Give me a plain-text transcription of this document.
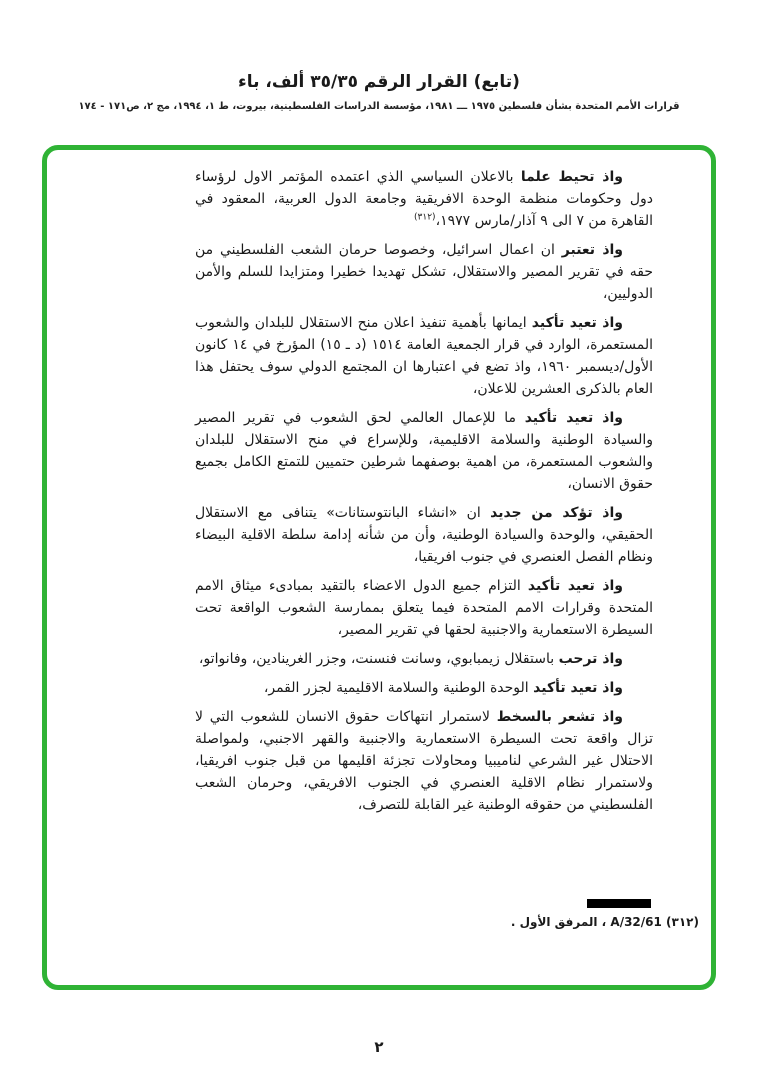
(تابع) القرار الرقم ٣٥/٣٥ ألف، باء
قرارات الأمم المتحدة بشأن فلسطين ١٩٧٥ ـــ ١٩٨١، مؤسسة الدراسات الفلسطينية، بيروت، ط ١، ١٩٩٤، مج ٢، ص١٧١ - ١٧٤
واذ تحيط علما بالاعلان السياسي الذي اعتمده المؤتمر الاول لرؤساء دول وحكومات منظمة الوحدة الافريقية وجامعة الدول العربية، المعقود في القاهرة من ٧ الى ٩ آذار/مارس ١٩٧٧،$^{(٣١٢)}$
واذ تعتبر ان اعمال اسرائيل، وخصوصا حرمان الشعب الفلسطيني من حقه في تقرير المصير والاستقلال، تشكل تهديدا خطيرا ومتزايدا للسلم والأمن الدوليين،
واذ تعيد تأكيد ايمانها بأهمية تنفيذ اعلان منح الاستقلال للبلدان والشعوب المستعمرة، الوارد في قرار الجمعية العامة ١٥١٤ (د ـ ١٥) المؤرخ في ١٤ كانون الأول/ديسمبر ١٩٦٠، واذ تضع في اعتبارها ان المجتمع الدولي سوف يحتفل هذا العام بالذكرى العشرين للاعلان،
واذ تعيد تأكيد ما للإعمال العالمي لحق الشعوب في تقرير المصير والسيادة الوطنية والسلامة الاقليمية، وللإسراع في منح الاستقلال للبلدان والشعوب المستعمرة، من اهمية بوصفهما شرطين حتميين للتمتع الكامل بجميع حقوق الانسان،
واذ تؤكد من جديد ان «انشاء البانتوستانات» يتنافى مع الاستقلال الحقيقي، والوحدة والسيادة الوطنية، وأن من شأنه إدامة سلطة الاقلية البيضاء ونظام الفصل العنصري في جنوب افريقيا،
واذ تعيد تأكيد التزام جميع الدول الاعضاء بالتقيد بمبادىء ميثاق الامم المتحدة وقرارات الامم المتحدة فيما يتعلق بممارسة الشعوب الواقعة تحت السيطرة الاستعمارية والاجنبية لحقها في تقرير المصير،
واذ ترحب باستقلال زيمبابوي، وسانت فنسنت، وجزر الغرينادين، وفانواتو،
واذ تعيد تأكيد الوحدة الوطنية والسلامة الاقليمية لجزر القمر،
واذ تشعر بالسخط لاستمرار انتهاكات حقوق الانسان للشعوب التي لا تزال واقعة تحت السيطرة الاستعمارية والاجنبية والقهر الاجنبي، ولمواصلة الاحتلال غير الشرعي لناميبيا ومحاولات تجزئة اقليمها من قبل جنوب افريقيا، ولاستمرار نظام الاقلية العنصري في الجنوب الافريقي، وحرمان الشعب الفلسطيني من حقوقه الوطنية غير القابلة للتصرف،
(٣١٢) A/32/61 ، المرفق الأول .
٢
